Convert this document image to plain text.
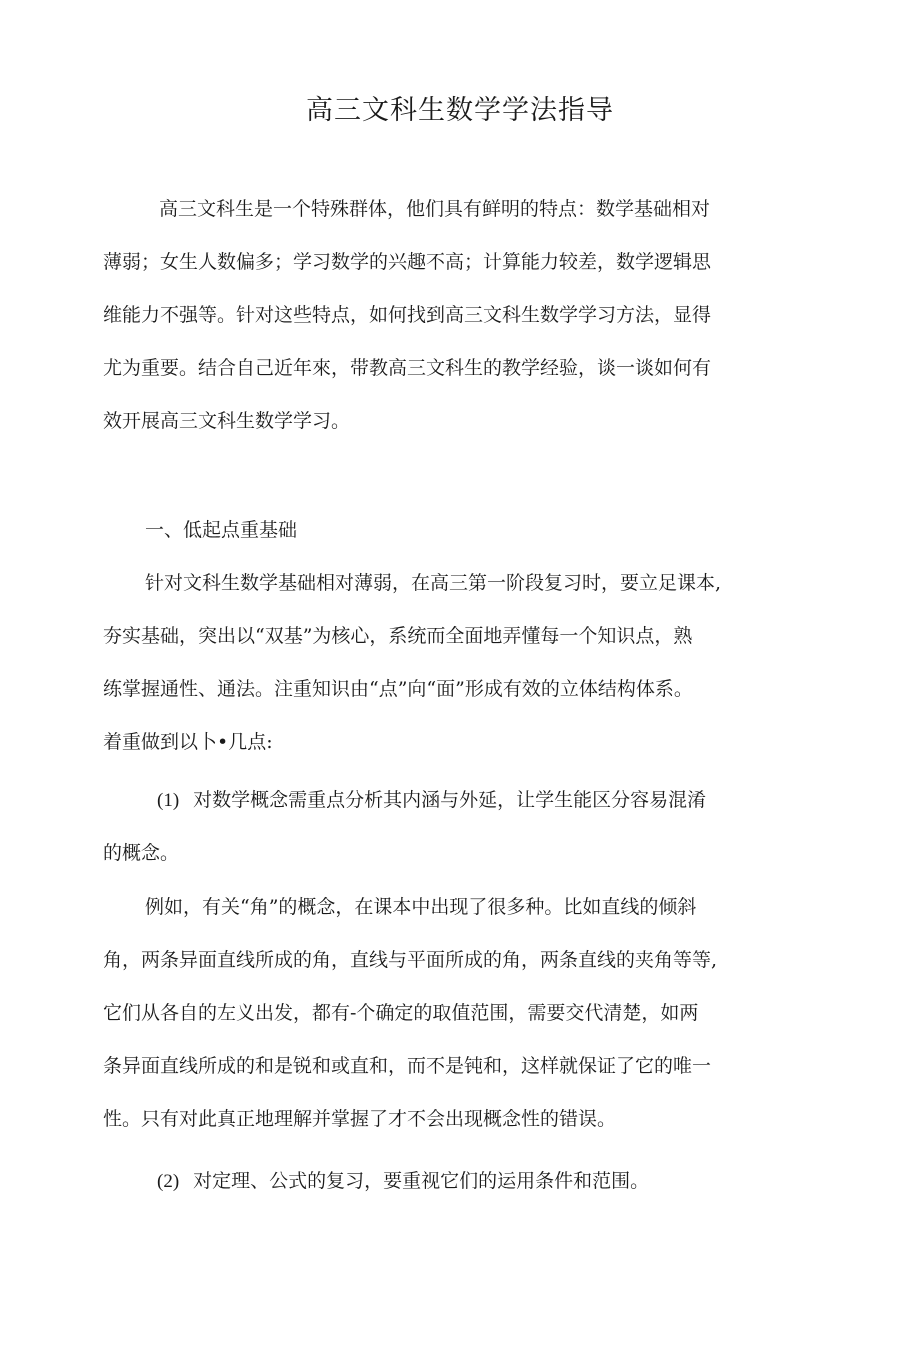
高三文科生数学学法指导

高三文科生是一个特殊群体，他们具有鲜明的特点：数学基础相对

薄弱；女生人数偏多；学习数学的兴趣不高；计算能力较差，数学逻辑思

维能力不强等。针对这些特点，如何找到高三文科生数学学习方法，显得

尤为重要。结合自己近年來，带教高三文科生的教学经验，谈一谈如何有

效开展高三文科生数学学习。

一、低起点重基础

针对文科生数学基础相对薄弱，在高三第一阶段复习时，要立足课本,

夯实基础，突出以“双基”为核心，系统而全面地弄懂每一个知识点，熟

练掌握通性、通法。注重知识由“点”向“面”形成有效的立体结构体系。

着重做到以卜•几点:

(1) 对数学概念需重点分析其内涵与外延，让学生能区分容易混淆

的概念。

例如，有关“角”的概念，在课本中出现了很多种。比如直线的倾斜

角，两条异面直线所成的角，直线与平面所成的角，两条直线的夹角等等,

它们从各自的左义出发，都有-个确定的取值范围，需要交代清楚，如两

条异面直线所成的和是锐和或直和，而不是钝和，这样就保证了它的唯一

性。只有对此真正地理解并掌握了才不会出现概念性的错误。

(2) 对定理、公式的复习，要重视它们的运用条件和范围。
